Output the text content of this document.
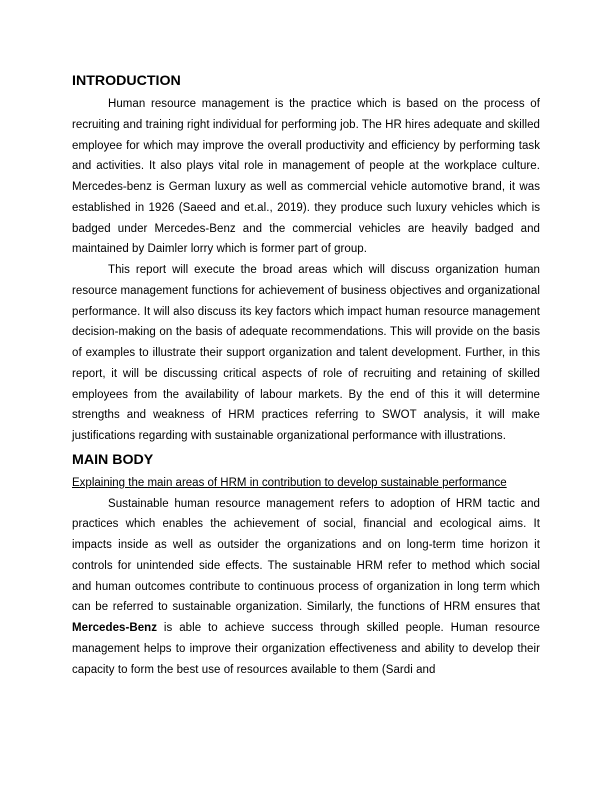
INTRODUCTION

Human resource management is the practice which is based on the process of recruiting and training right individual for performing job. The HR hires adequate and skilled employee for which may improve the overall productivity and efficiency by performing task and activities. It also plays vital role in management of people at the workplace culture. Mercedes-benz is German luxury as well as commercial vehicle automotive brand, it was established in 1926 (Saeed and et.al., 2019). they produce such luxury vehicles which is badged under Mercedes-Benz and the commercial vehicles are heavily badged and maintained by Daimler lorry which is former part of group.

This report will execute the broad areas which will discuss organization human resource management functions for achievement of business objectives and organizational performance. It will also discuss its key factors which impact human resource management decision-making on the basis of adequate recommendations. This will provide on the basis of examples to illustrate their support organization and talent development. Further, in this report, it will be discussing critical aspects of role of recruiting and retaining of skilled employees from the availability of labour markets. By the end of this it will determine strengths and weakness of HRM practices referring to SWOT analysis, it will make justifications regarding with sustainable organizational performance with illustrations.

MAIN BODY
Explaining the main areas of HRM in contribution to develop sustainable performance

Sustainable human resource management refers to adoption of HRM tactic and practices which enables the achievement of social, financial and ecological aims. It impacts inside as well as outsider the organizations and on long-term time horizon it controls for unintended side effects. The sustainable HRM refer to method which social and human outcomes contribute to continuous process of organization in long term which can be referred to sustainable organization. Similarly, the functions of HRM ensures that Mercedes-Benz is able to achieve success through skilled people. Human resource management helps to improve their organization effectiveness and ability to develop their capacity to form the best use of resources available to them (Sardi and
